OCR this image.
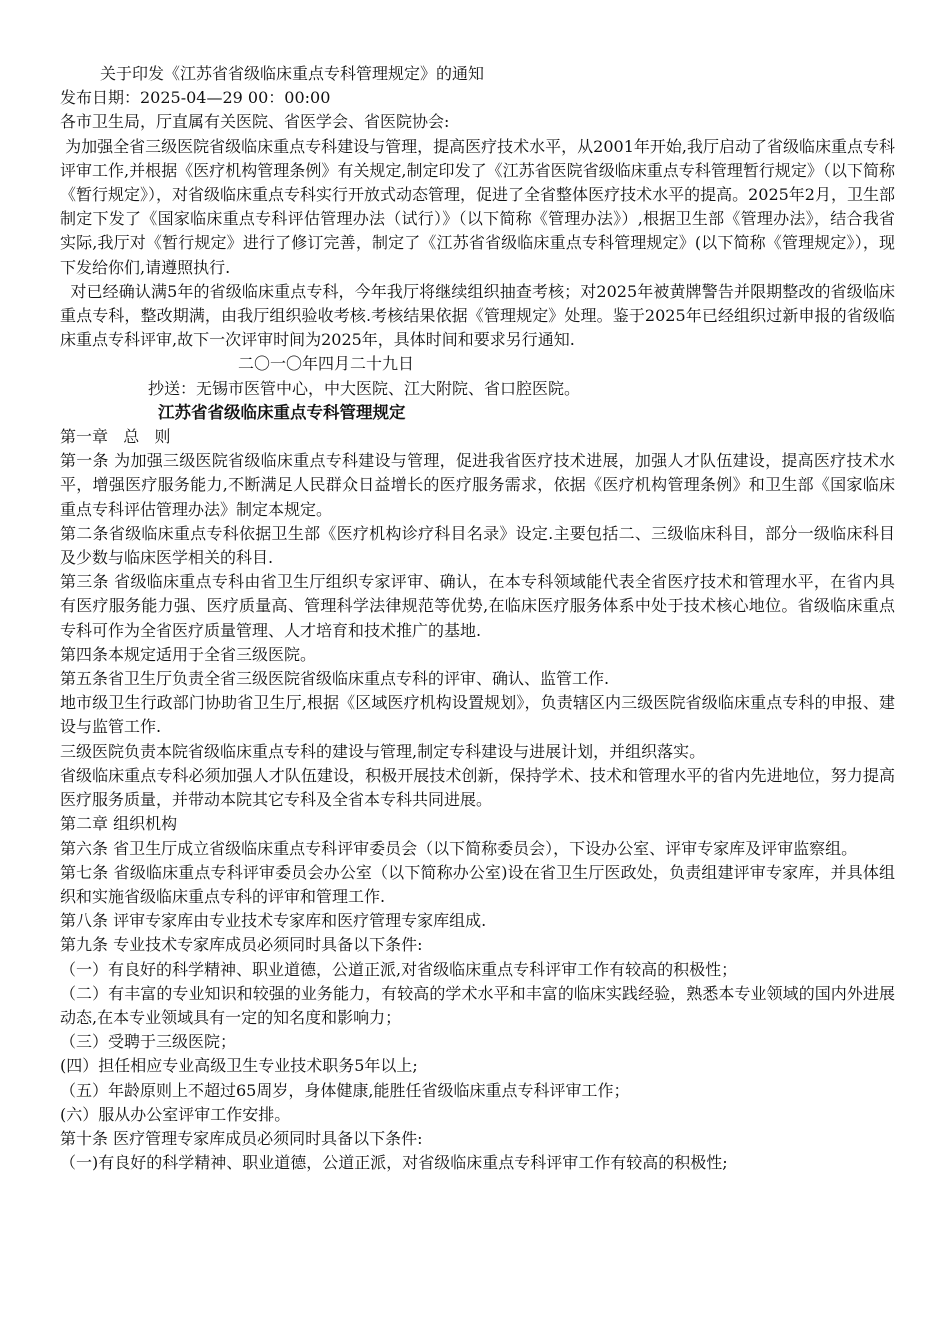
关于印发《江苏省省级临床重点专科管理规定》的通知
发布日期：2025-04—29 00：00:00
各市卫生局，厅直属有关医院、省医学会、省医院协会:
为加强全省三级医院省级临床重点专科建设与管理，提高医疗技术水平，从2001年开始,我厅启动了省级临床重点专科评审工作,并根据《医疗机构管理条例》有关规定,制定印发了《江苏省医院省级临床重点专科管理暂行规定》（以下简称《暂行规定》），对省级临床重点专科实行开放式动态管理，促进了全省整体医疗技术水平的提高。2025年2月，卫生部制定下发了《国家临床重点专科评估管理办法（试行）》（以下简称《管理办法》）,根据卫生部《管理办法》，结合我省实际,我厅对《暂行规定》进行了修订完善，制定了《江苏省省级临床重点专科管理规定》(以下简称《管理规定》），现下发给你们,请遵照执行.
对已经确认满5年的省级临床重点专科，今年我厅将继续组织抽查考核；对2025年被黄牌警告并限期整改的省级临床重点专科，整改期满，由我厅组织验收考核.考核结果依据《管理规定》处理。鉴于2025年已经组织过新申报的省级临床重点专科评审,故下一次评审时间为2025年，具体时间和要求另行通知.
二〇一〇年四月二十九日
抄送：无锡市医管中心，中大医院、江大附院、省口腔医院。
江苏省省级临床重点专科管理规定
第一章   总   则
第一条 为加强三级医院省级临床重点专科建设与管理，促进我省医疗技术进展，加强人才队伍建设，提高医疗技术水平，增强医疗服务能力,不断满足人民群众日益增长的医疗服务需求，依据《医疗机构管理条例》和卫生部《国家临床重点专科评估管理办法》制定本规定。
第二条省级临床重点专科依据卫生部《医疗机构诊疗科目名录》设定.主要包括二、三级临床科目，部分一级临床科目及少数与临床医学相关的科目.
第三条 省级临床重点专科由省卫生厅组织专家评审、确认，在本专科领域能代表全省医疗技术和管理水平，在省内具有医疗服务能力强、医疗质量高、管理科学法律规范等优势,在临床医疗服务体系中处于技术核心地位。省级临床重点专科可作为全省医疗质量管理、人才培育和技术推广的基地.
第四条本规定适用于全省三级医院。
第五条省卫生厅负责全省三级医院省级临床重点专科的评审、确认、监管工作.
地市级卫生行政部门协助省卫生厅,根据《区域医疗机构设置规划》，负责辖区内三级医院省级临床重点专科的申报、建设与监管工作.
三级医院负责本院省级临床重点专科的建设与管理,制定专科建设与进展计划，并组织落实。
省级临床重点专科必须加强人才队伍建设，积极开展技术创新，保持学术、技术和管理水平的省内先进地位，努力提高医疗服务质量，并带动本院其它专科及全省本专科共同进展。
第二章 组织机构
第六条 省卫生厅成立省级临床重点专科评审委员会（以下简称委员会），下设办公室、评审专家库及评审监察组。
第七条 省级临床重点专科评审委员会办公室（以下简称办公室)设在省卫生厅医政处，负责组建评审专家库，并具体组织和实施省级临床重点专科的评审和管理工作.
第八条 评审专家库由专业技术专家库和医疗管理专家库组成.
第九条 专业技术专家库成员必须同时具备以下条件:
（一）有良好的科学精神、职业道德，公道正派,对省级临床重点专科评审工作有较高的积极性；
（二）有丰富的专业知识和较强的业务能力，有较高的学术水平和丰富的临床实践经验，熟悉本专业领域的国内外进展动态,在本专业领域具有一定的知名度和影响力；
（三）受聘于三级医院；
(四）担任相应专业高级卫生专业技术职务5年以上;
（五）年龄原则上不超过65周岁，身体健康,能胜任省级临床重点专科评审工作；
(六）服从办公室评审工作安排。
第十条 医疗管理专家库成员必须同时具备以下条件:
（一)有良好的科学精神、职业道德，公道正派，对省级临床重点专科评审工作有较高的积极性;
